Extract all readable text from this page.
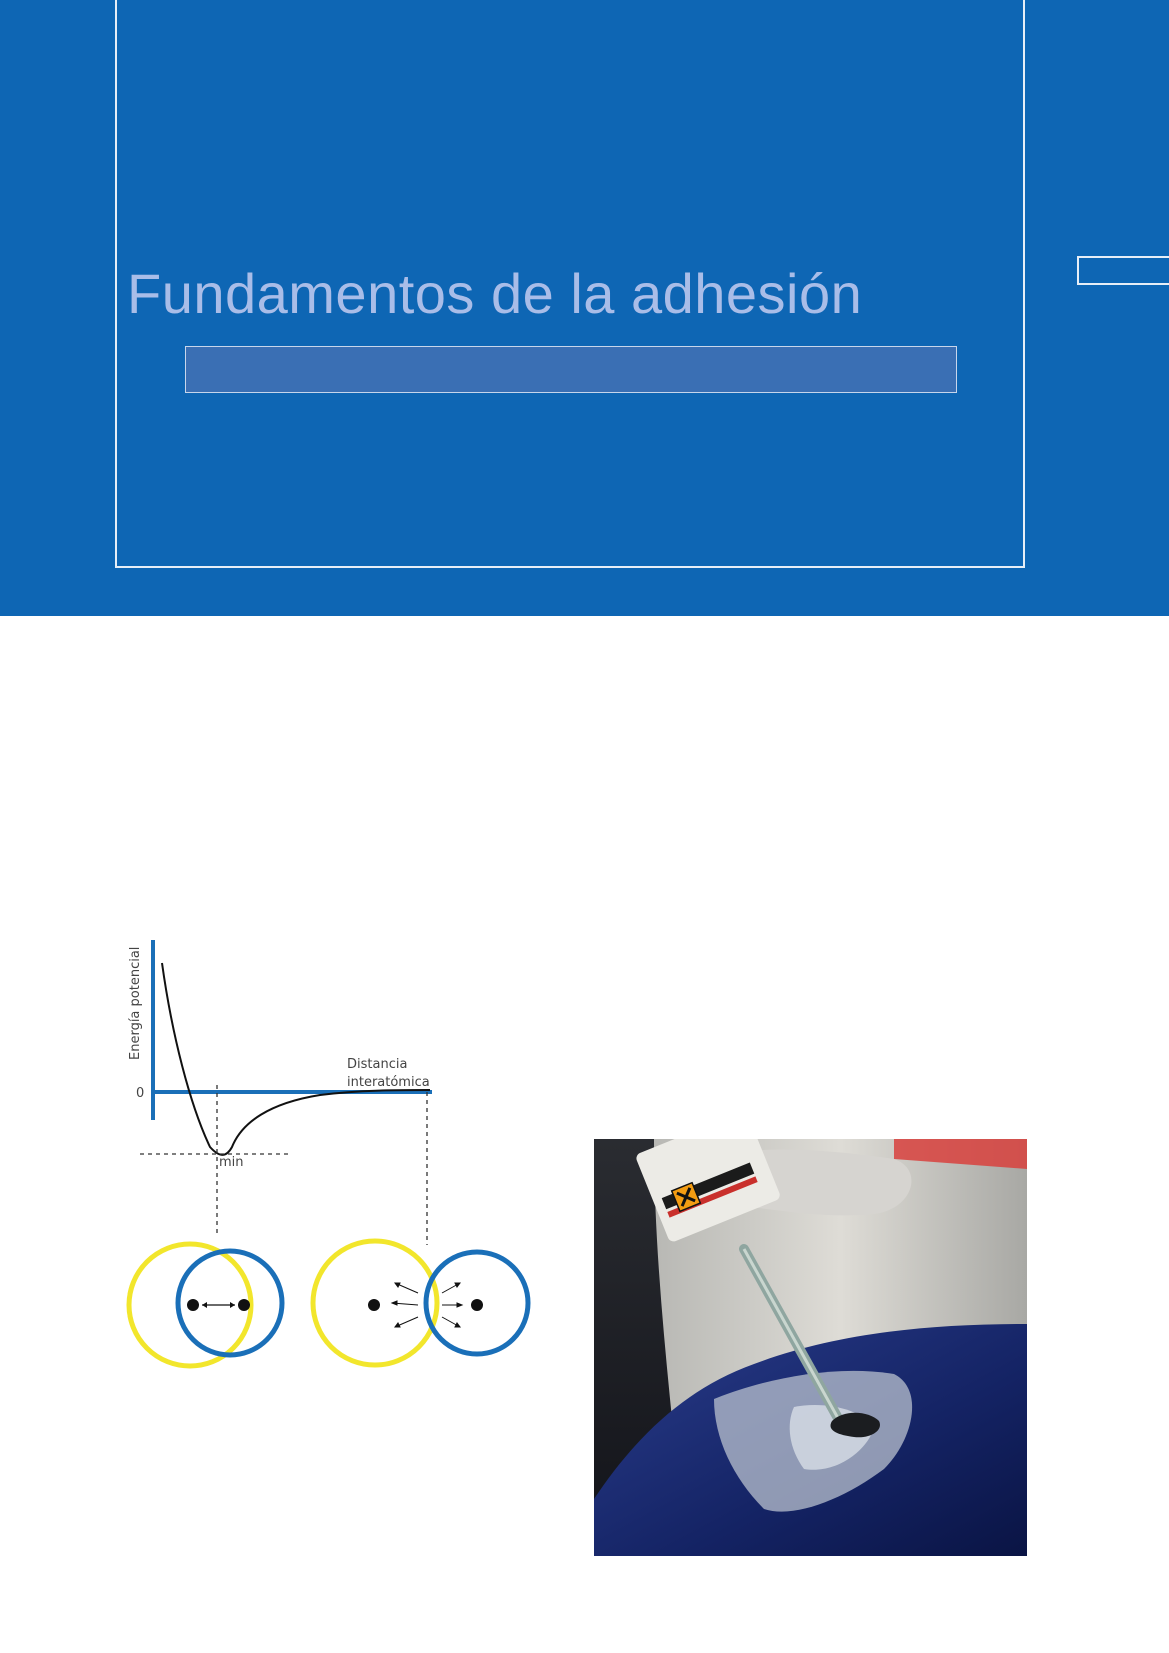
Fundamentos de la adhesión
Energía potencial
0
Distancia
interatómica
min
